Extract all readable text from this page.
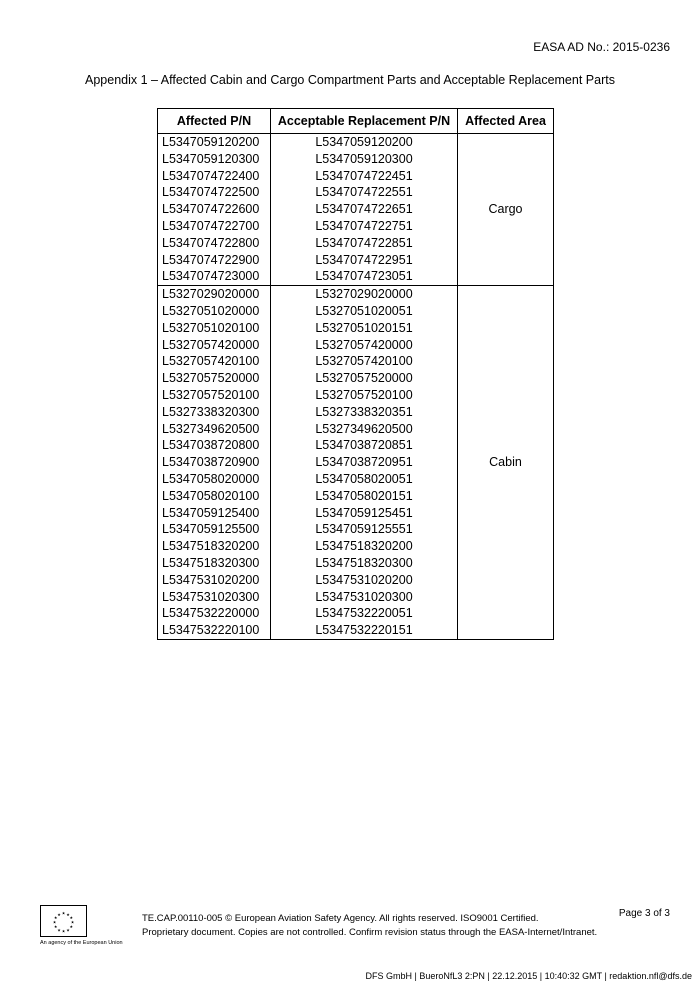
EASA AD No.: 2015-0236
Appendix 1 – Affected Cabin and Cargo Compartment Parts and Acceptable Replacement Parts
Affected P/N	Acceptable Replacement P/N	Affected Area
L5347059120200	L5347059120200	Cargo
L5347059120300	L5347059120300	
L5347074722400	L5347074722451	
L5347074722500	L5347074722551	
L5347074722600	L5347074722651	
L5347074722700	L5347074722751	
L5347074722800	L5347074722851	
L5347074722900	L5347074722951	
L5347074723000	L5347074723051	
L5327029020000	L5327029020000	Cabin
L5327051020000	L5327051020051	
L5327051020100	L5327051020151	
L5327057420000	L5327057420000	
L5327057420100	L5327057420100	
L5327057520000	L5327057520000	
L5327057520100	L5327057520100	
L5327338320300	L5327338320351	
L5327349620500	L5327349620500	
L5347038720800	L5347038720851	
L5347038720900	L5347038720951	
L5347058020000	L5347058020051	
L5347058020100	L5347058020151	
L5347059125400	L5347059125451	
L5347059125500	L5347059125551	
L5347518320200	L5347518320200	
L5347518320300	L5347518320300	
L5347531020200	L5347531020200	
L5347531020300	L5347531020300	
L5347532220000	L5347532220051	
L5347532220100	L5347532220151	
★ ★
★
★
★
★
★
★
★
★
★
★
An agency of the European Union
TE.CAP.00110-005 © European Aviation Safety Agency. All rights reserved. ISO9001 Certified.
Proprietary document. Copies are not controlled. Confirm revision status through the EASA-Internet/Intranet.
Page 3 of 3
DFS GmbH | BueroNfL3 2:PN | 22.12.2015 | 10:40:32 GMT | redaktion.nfl@dfs.de
